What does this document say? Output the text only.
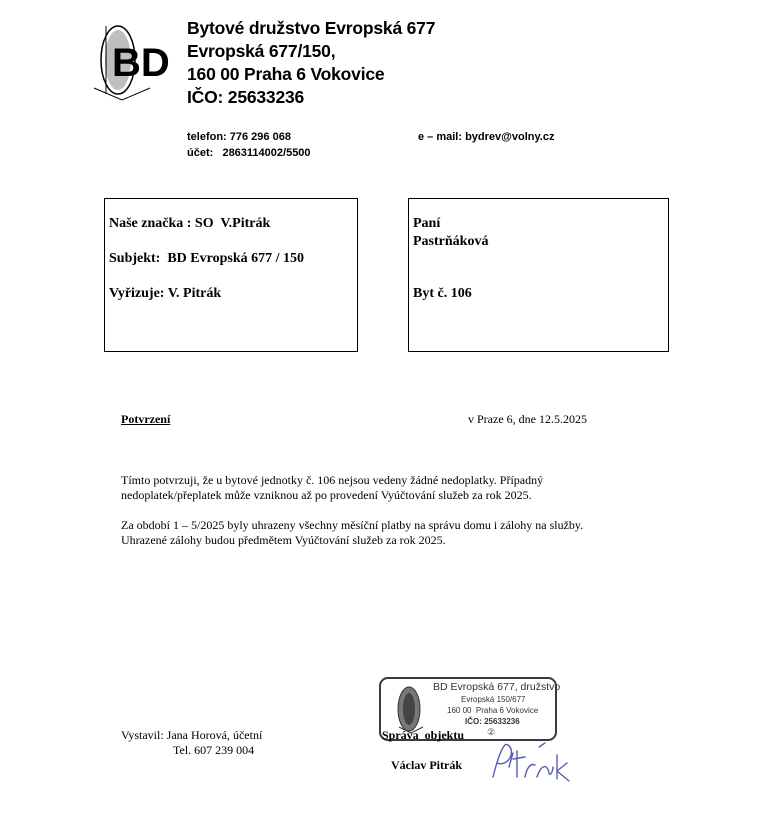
BD
Bytové družstvo Evropská 677
Evropská 677/150,
160 00 Praha 6 Vokovice
IČO: 25633236
telefon: 776 296 068
účet:   2863114002/5500
e – mail: bydrev@volny.cz
Naše značka : SO  V.Pitrák
Subjekt:  BD Evropská 677 / 150
Vyřizuje: V. Pitrák
Paní
Pastrňáková
Byt č. 106
Potvrzení	v Praze 6, dne 12.5.2025
Tímto potvrzuji, že u bytové jednotky č. 106 nejsou vedeny žádné nedoplatky. Případný
nedoplatek/přeplatek může vzniknou až po provedení Vyúčtování služeb za rok 2025.
Za období 1 – 5/2025 byly uhrazeny všechny měsíční platby na správu domu i zálohy na služby.
Uhrazené zálohy budou předmětem Vyúčtování služeb za rok 2025.
Vystavil: Jana Horová, účetní
Tel. 607 239 004
BD Evropská 677, družstvo
Evropská 150/677
160 00  Praha 6 Vokovice
IČO: 25633236
Správa  objektu	②
Václav Pitrák
